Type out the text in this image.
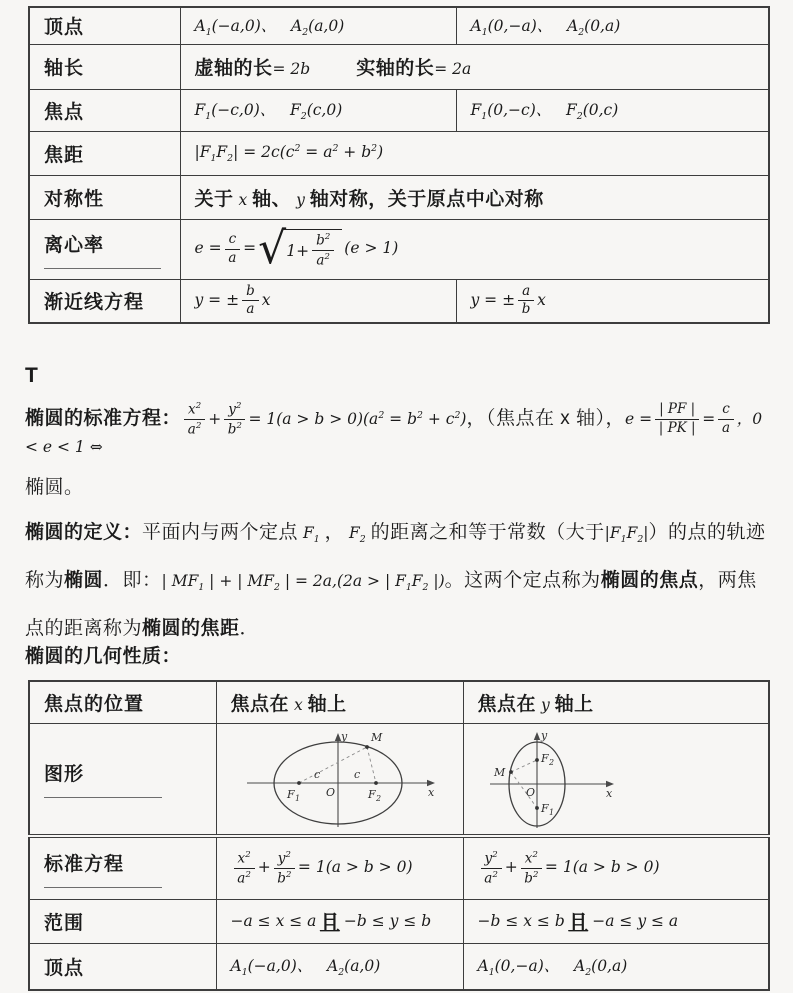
顶点	$A_1(-a,0)$、   $A_2(a,0)$	$A_1(0,-a)$、   $A_2(0,a)$
轴长	虚轴的长= 2b 实轴的长= 2a	
焦点	$F_1(-c,0)$、   $F_2(c,0)$	$F_1(0,-c)$、   $F_2(0,c)$
焦距	$|F_1F_2| = 2c(c^2 = a^2 + b^2)$	
对称性	关于 x 轴、 y 轴对称，关于原点中心对称	
离心率	$e = \frac{c}{a}$ = √ $1+ \frac{b^2}{a^2} (e > 1)$
渐近线方程	y = ± $\frac{b}{a}$ x	y = ± $\frac{a}{b}$ x
T
椭圆的标准方程： $\frac{x^2}{a^2} + \frac{y^2}{b^2} = 1(a > b > 0)(a^2 = b^2 + c^2)$，（焦点在 x 轴），$e = \frac{| PF |}{| PK |} = \frac{c}{a}$ ，0 < e < 1 ⇔
椭圆。
椭圆的定义：平面内与两个定点 $F_1$ ， $F_2$ 的距离之和等于常数（大于$|F_1F_2|$）的点的轨迹称为椭圆．即：| $MF_1$ | + | $MF_2$ | = 2a,(2a > | $F_1F_2$ |)。这两个定点称为椭圆的焦点，两焦点的距离称为椭圆的焦距．
椭圆的几何性质：
焦点的位置	焦点在 x 轴上	焦点在 y 轴上
图形	
y
x
O
M
F 1	F 2
c	c

y
x
O
M
F 2
F 1

标准方程	$\frac{x^2}{a^2} + \frac{y^2}{b^2} = 1(a > b > 0)$	$\frac{y^2}{a^2} + \frac{x^2}{b^2} = 1(a > b > 0)$
范围	−a ≤ x ≤ a 且 −b ≤ y ≤ b	−b ≤ x ≤ b 且 −a ≤ y ≤ a
顶点	$A_1(-a,0)$、   $A_2(a,0)$	$A_1(0,-a)$、   $A_2(0,a)$
